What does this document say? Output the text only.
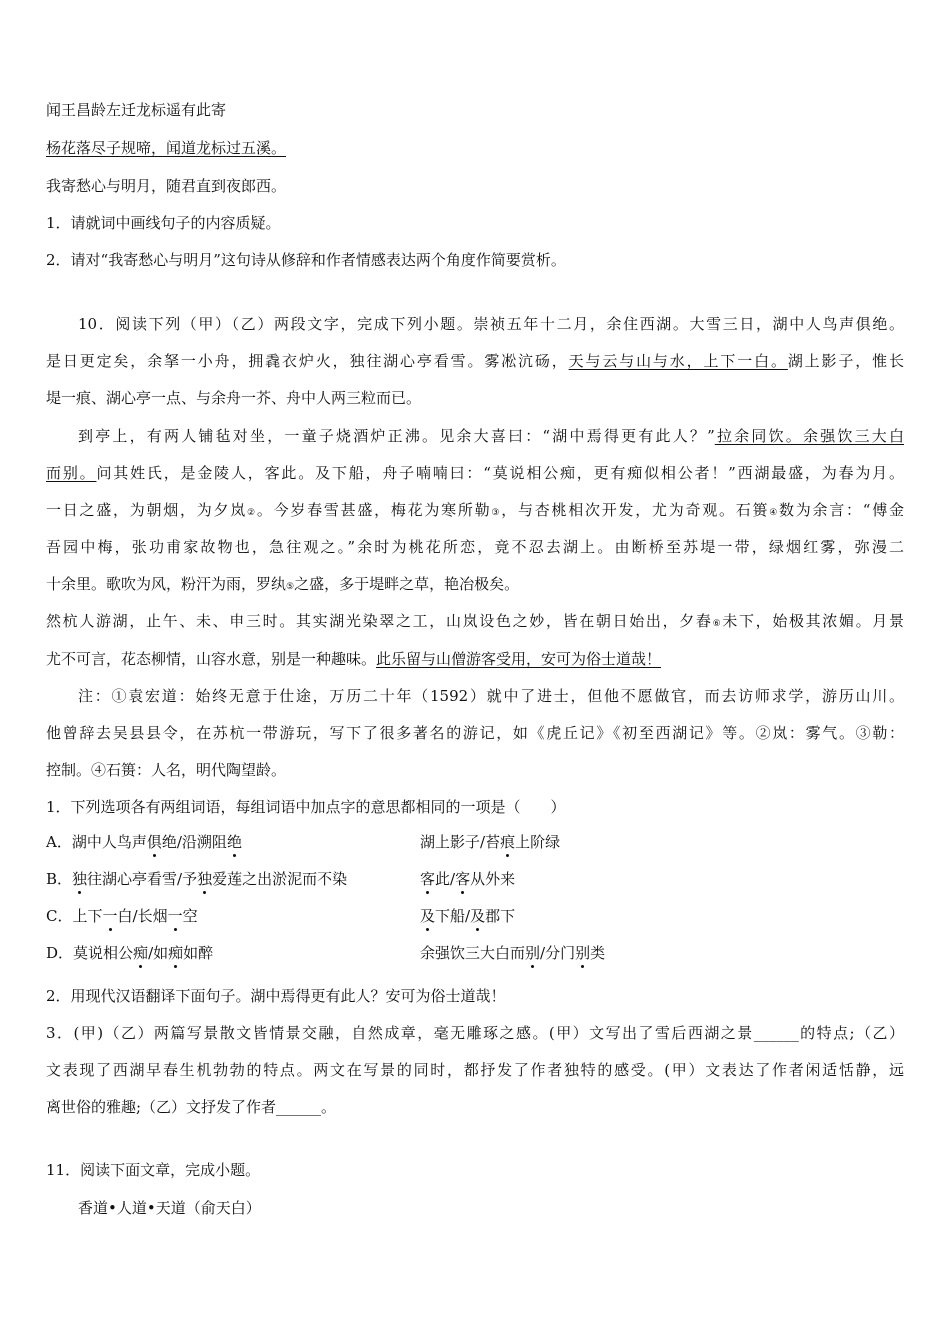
闻王昌龄左迁龙标遥有此寄
杨花落尽子规啼，闻道龙标过五溪。
我寄愁心与明月，随君直到夜郎西。
1．请就词中画线句子的内容质疑。
2．请对“我寄愁心与明月”这句诗从修辞和作者情感表达两个角度作简要赏析。
10．阅读下列（甲）（乙）两段文字，完成下列小题。崇祯五年十二月，余住西湖。大雪三日，湖中人鸟声俱绝。
是日更定矣，余拏一小舟，拥毳衣炉火，独往湖心亭看雪。雾凇沆砀，天与云与山与水，上下一白。湖上影子，惟长
堤一痕、湖心亭一点、与余舟一芥、舟中人两三粒而已。
到亭上，有两人铺毡对坐，一童子烧酒炉正沸。见余大喜曰：“湖中焉得更有此人？”拉余同饮。余强饮三大白
而别。问其姓氏，是金陵人，客此。及下船，舟子喃喃曰：“莫说相公痴，更有痴似相公者！”西湖最盛，为春为月。
一日之盛，为朝烟，为夕岚②。今岁春雪甚盛，梅花为寒所勒③，与杏桃相次开发，尤为奇观。石篑④数为余言：“傅金
吾园中梅，张功甫家故物也，急往观之。”余时为桃花所恋，竟不忍去湖上。由断桥至苏堤一带，绿烟红雾，弥漫二
十余里。歌吹为风，粉汗为雨，罗纨⑤之盛，多于堤畔之草，艳冶极矣。
然杭人游湖，止午、未、申三时。其实湖光染翠之工，山岚设色之妙，皆在朝日始出，夕舂⑥未下，始极其浓媚。月景
尤不可言，花态柳情，山容水意，别是一种趣味。此乐留与山僧游客受用，安可为俗士道哉！
注：①袁宏道：始终无意于仕途，万历二十年（1592）就中了进士，但他不愿做官，而去访师求学，游历山川。
他曾辞去吴县县令，在苏杭一带游玩，写下了很多著名的游记，如《虎丘记》《初至西湖记》等。②岚：雾气。③勒：
控制。④石篑：人名，明代陶望龄。
1．下列选项各有两组词语，每组词语中加点字的意思都相同的一项是（　　）
A．湖中人鸟声俱绝/沿溯阻绝	湖上影子/苔痕上阶绿
B．独往湖心亭看雪/予独爱莲之出淤泥而不染	客此/客从外来
C．上下一白/长烟一空	及下船/及郡下
D．莫说相公痴/如痴如醉	余强饮三大白而别/分门别类
2．用现代汉语翻译下面句子。湖中焉得更有此人？安可为俗士道哉！
3．(甲)（乙）两篇写景散文皆情景交融，自然成章，毫无雕琢之感。(甲）文写出了雪后西湖之景______的特点;（乙）
文表现了西湖早春生机勃勃的特点。两文在写景的同时，都抒发了作者独特的感受。(甲）文表达了作者闲适恬静，远
离世俗的雅趣;（乙）文抒发了作者______。
11．阅读下面文章，完成小题。
香道•人道•天道（俞天白）
